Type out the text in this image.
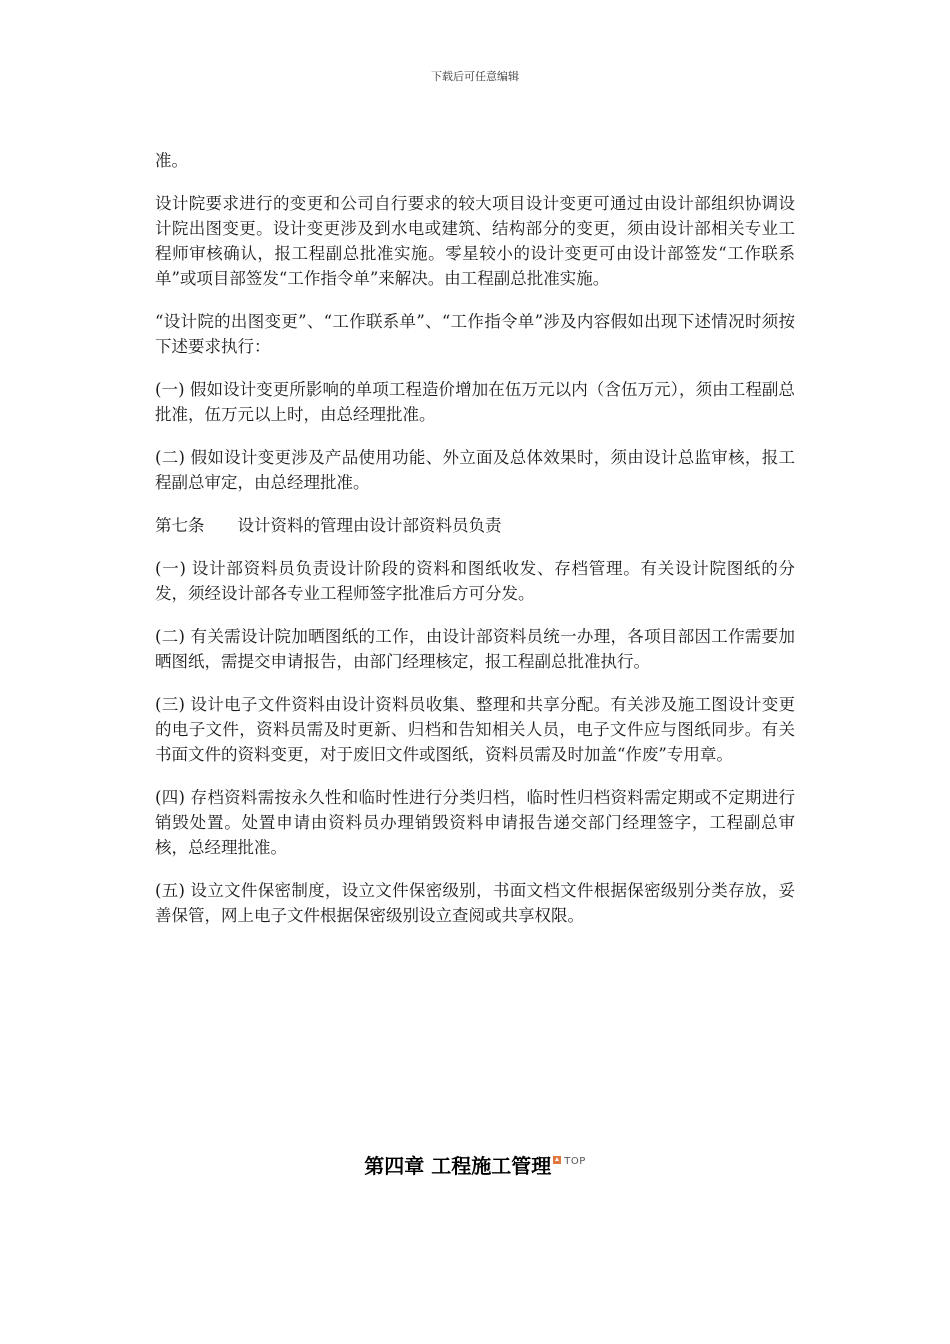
下载后可任意编辑

准。

设计院要求进行的变更和公司自行要求的较大项目设计变更可通过由设计部组织协调设计院出图变更。设计变更涉及到水电或建筑、结构部分的变更，须由设计部相关专业工程师审核确认，报工程副总批准实施。零星较小的设计变更可由设计部签发“工作联系单”或项目部签发“工作指令单”来解决。由工程副总批准实施。

“设计院的出图变更”、“工作联系单”、“工作指令单”涉及内容假如出现下述情况时须按下述要求执行：

(一) 假如设计变更所影响的单项工程造价增加在伍万元以内（含伍万元），须由工程副总批准，伍万元以上时，由总经理批准。

(二) 假如设计变更涉及产品使用功能、外立面及总体效果时，须由设计总监审核，报工程副总审定，由总经理批准。

第七条　　设计资料的管理由设计部资料员负责

(一) 设计部资料员负责设计阶段的资料和图纸收发、存档管理。有关设计院图纸的分发，须经设计部各专业工程师签字批准后方可分发。

(二) 有关需设计院加晒图纸的工作，由设计部资料员统一办理，各项目部因工作需要加晒图纸，需提交申请报告，由部门经理核定，报工程副总批准执行。

(三) 设计电子文件资料由设计资料员收集、整理和共享分配。有关涉及施工图设计变更的电子文件，资料员需及时更新、归档和告知相关人员，电子文件应与图纸同步。有关书面文件的资料变更，对于废旧文件或图纸，资料员需及时加盖“作废”专用章。

(四) 存档资料需按永久性和临时性进行分类归档，临时性归档资料需定期或不定期进行销毁处置。处置申请由资料员办理销毁资料申请报告递交部门经理签字，工程副总审核，总经理批准。

(五) 设立文件保密制度，设立文件保密级别，书面文档文件根据保密级别分类存放，妥善保管，网上电子文件根据保密级别设立查阅或共享权限。

第四章 工程施工管理 TOP
